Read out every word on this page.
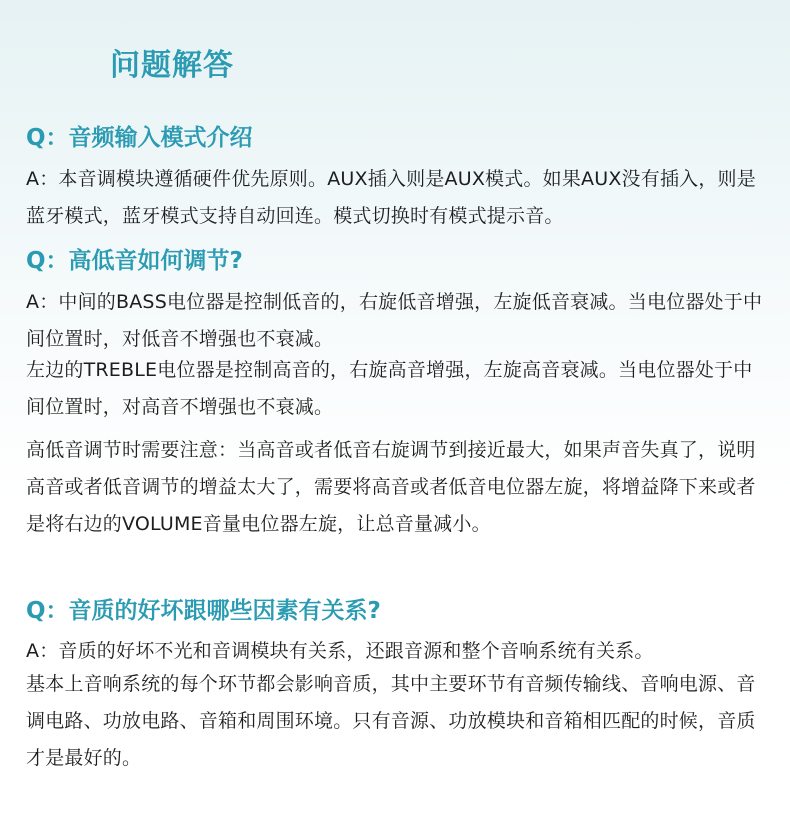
问题解答
Q：音频输入模式介绍

A：本音调模块遵循硬件优先原则。AUX插入则是AUX模式。如果AUX没有插入，则是蓝牙模式，蓝牙模式支持自动回连。模式切换时有模式提示音。

Q：高低音如何调节?

A：中间的BASS电位器是控制低音的，右旋低音增强，左旋低音衰减。当电位器处于中间位置时，对低音不增强也不衰减。

左边的TREBLE电位器是控制高音的，右旋高音增强，左旋高音衰减。当电位器处于中间位置时，对高音不增强也不衰减。

高低音调节时需要注意：当高音或者低音右旋调节到接近最大，如果声音失真了，说明高音或者低音调节的增益太大了，需要将高音或者低音电位器左旋，将增益降下来或者是将右边的VOLUME音量电位器左旋，让总音量减小。

Q：音质的好坏跟哪些因素有关系?

A：音质的好坏不光和音调模块有关系，还跟音源和整个音响系统有关系。

基本上音响系统的每个环节都会影响音质，其中主要环节有音频传输线、音响电源、音调电路、功放电路、音箱和周围环境。只有音源、功放模块和音箱相匹配的时候，音质才是最好的。
